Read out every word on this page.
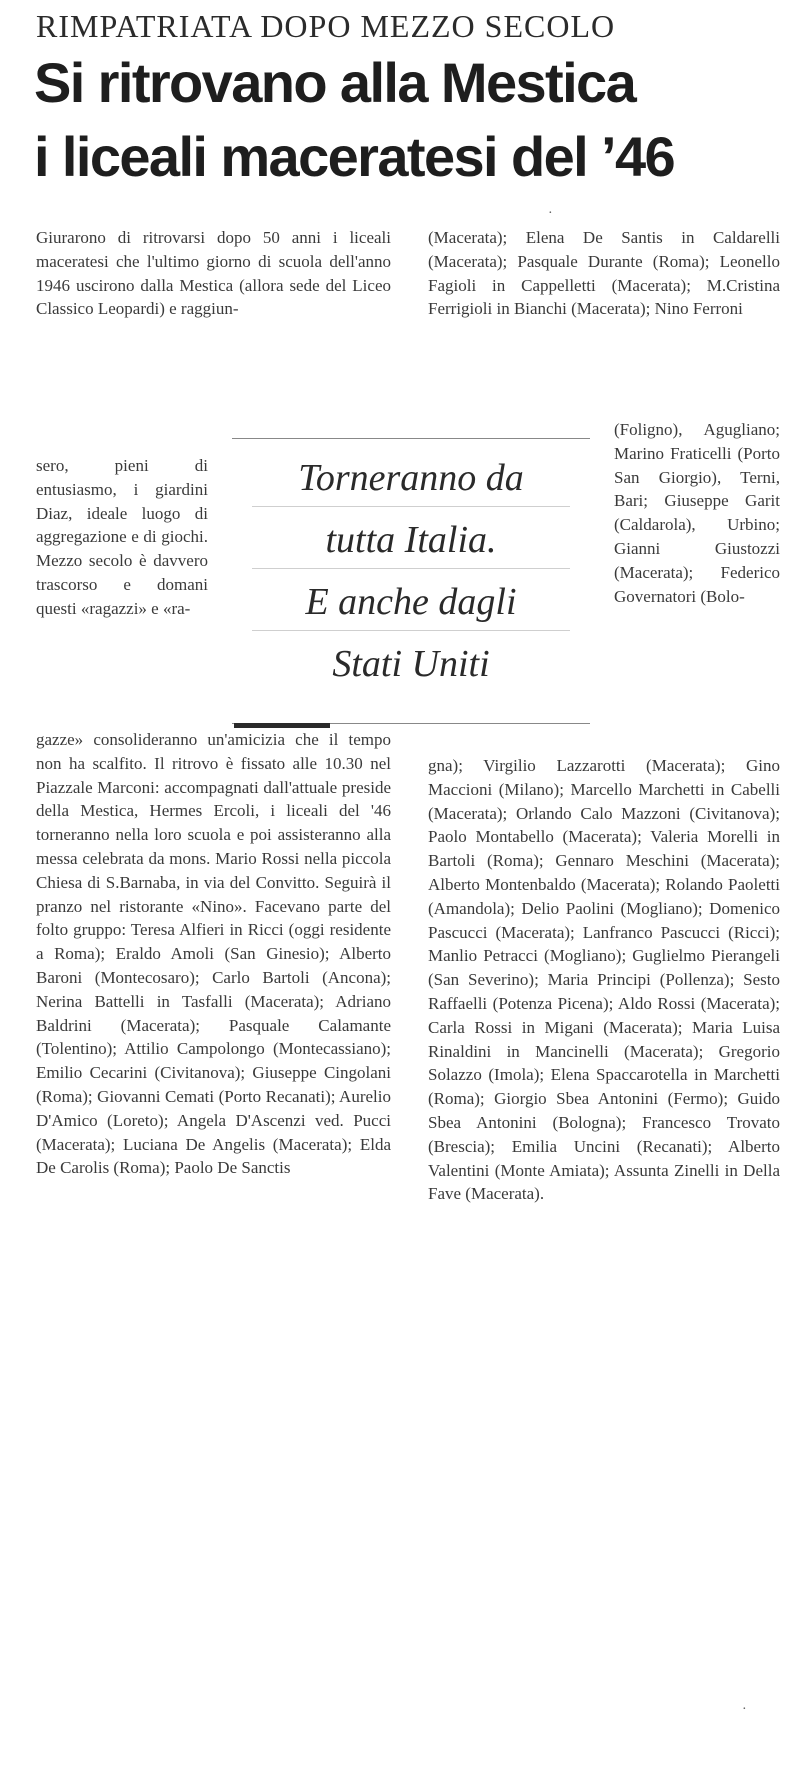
RIMPATRIATA DOPO MEZZO SECOLO
Si ritrovano alla Mestica
i liceali maceratesi del ’46

Giurarono di ritrovarsi dopo 50 anni i liceali maceratesi che l'ultimo giorno di scuola dell'anno 1946 uscirono dalla Mestica (allora sede del Liceo Classico Leopardi) e raggiun-

sero, pieni di entusiasmo, i giardini Diaz, ideale luogo di aggregazione e di giochi. Mezzo secolo è davvero trascorso e domani questi «ragazzi» e «ra-

gazze» consolideranno un'amicizia che il tempo non ha scalfito. Il ritrovo è fissato alle 10.30 nel Piazzale Marconi: accompagnati dall'attuale preside della Mestica, Hermes Ercoli, i liceali del '46 torneranno nella loro scuola e poi assisteranno alla messa celebrata da mons. Mario Rossi nella piccola Chiesa di S.Barnaba, in via del Convitto. Seguirà il pranzo nel ristorante «Nino». Facevano parte del folto gruppo: Teresa Alfieri in Ricci (oggi residente a Roma); Eraldo Amoli (San Ginesio); Alberto Baroni (Montecosaro); Carlo Bartoli (Ancona); Nerina Battelli in Tasfalli (Macerata); Adriano Baldrini (Macerata); Pasquale Calamante (Tolentino); Attilio Campolongo (Montecassiano); Emilio Cecarini (Civitanova); Giuseppe Cingolani (Roma); Giovanni Cemati (Porto Recanati); Aurelio D'Amico (Loreto); Angela D'Ascenzi ved. Pucci (Macerata); Luciana De Angelis (Macerata); Elda De Carolis (Roma); Paolo De Sanctis

(Macerata); Elena De Santis in Caldarelli (Macerata); Pasquale Durante (Roma); Leonello Fagioli in Cappelletti (Macerata); M.Cristina Ferrigioli in Bianchi (Macerata); Nino Ferroni

(Foligno), Agugliano; Marino Fraticelli (Porto San Giorgio), Terni, Bari; Giuseppe Garit (Caldarola), Urbino; Gianni Giustozzi (Macerata); Federico Governatori (Bolo-

gna); Virgilio Lazzarotti (Macerata); Gino Maccioni (Milano); Marcello Marchetti in Cabelli (Macerata); Orlando Calo Mazzoni (Civitanova); Paolo Montabello (Macerata); Valeria Morelli in Bartoli (Roma); Gennaro Meschini (Macerata); Alberto Montenbaldo (Macerata); Rolando Paoletti (Amandola); Delio Paolini (Mogliano); Domenico Pascucci (Macerata); Lanfranco Pascucci (Ricci); Manlio Petracci (Mogliano); Guglielmo Pierangeli (San Severino); Maria Principi (Pollenza); Sesto Raffaelli (Potenza Picena); Aldo Rossi (Macerata); Carla Rossi in Migani (Macerata); Maria Luisa Rinaldini in Mancinelli (Macerata); Gregorio Solazzo (Imola); Elena Spaccarotella in Marchetti (Roma); Giorgio Sbea Antonini (Fermo); Guido Sbea Antonini (Bologna); Francesco Trovato (Brescia); Emilia Uncini (Recanati); Alberto Valentini (Monte Amiata); Assunta Zinelli in Della Fave (Macerata).

Torneranno da
tutta Italia.
E anche dagli
Stati Uniti
·
·
